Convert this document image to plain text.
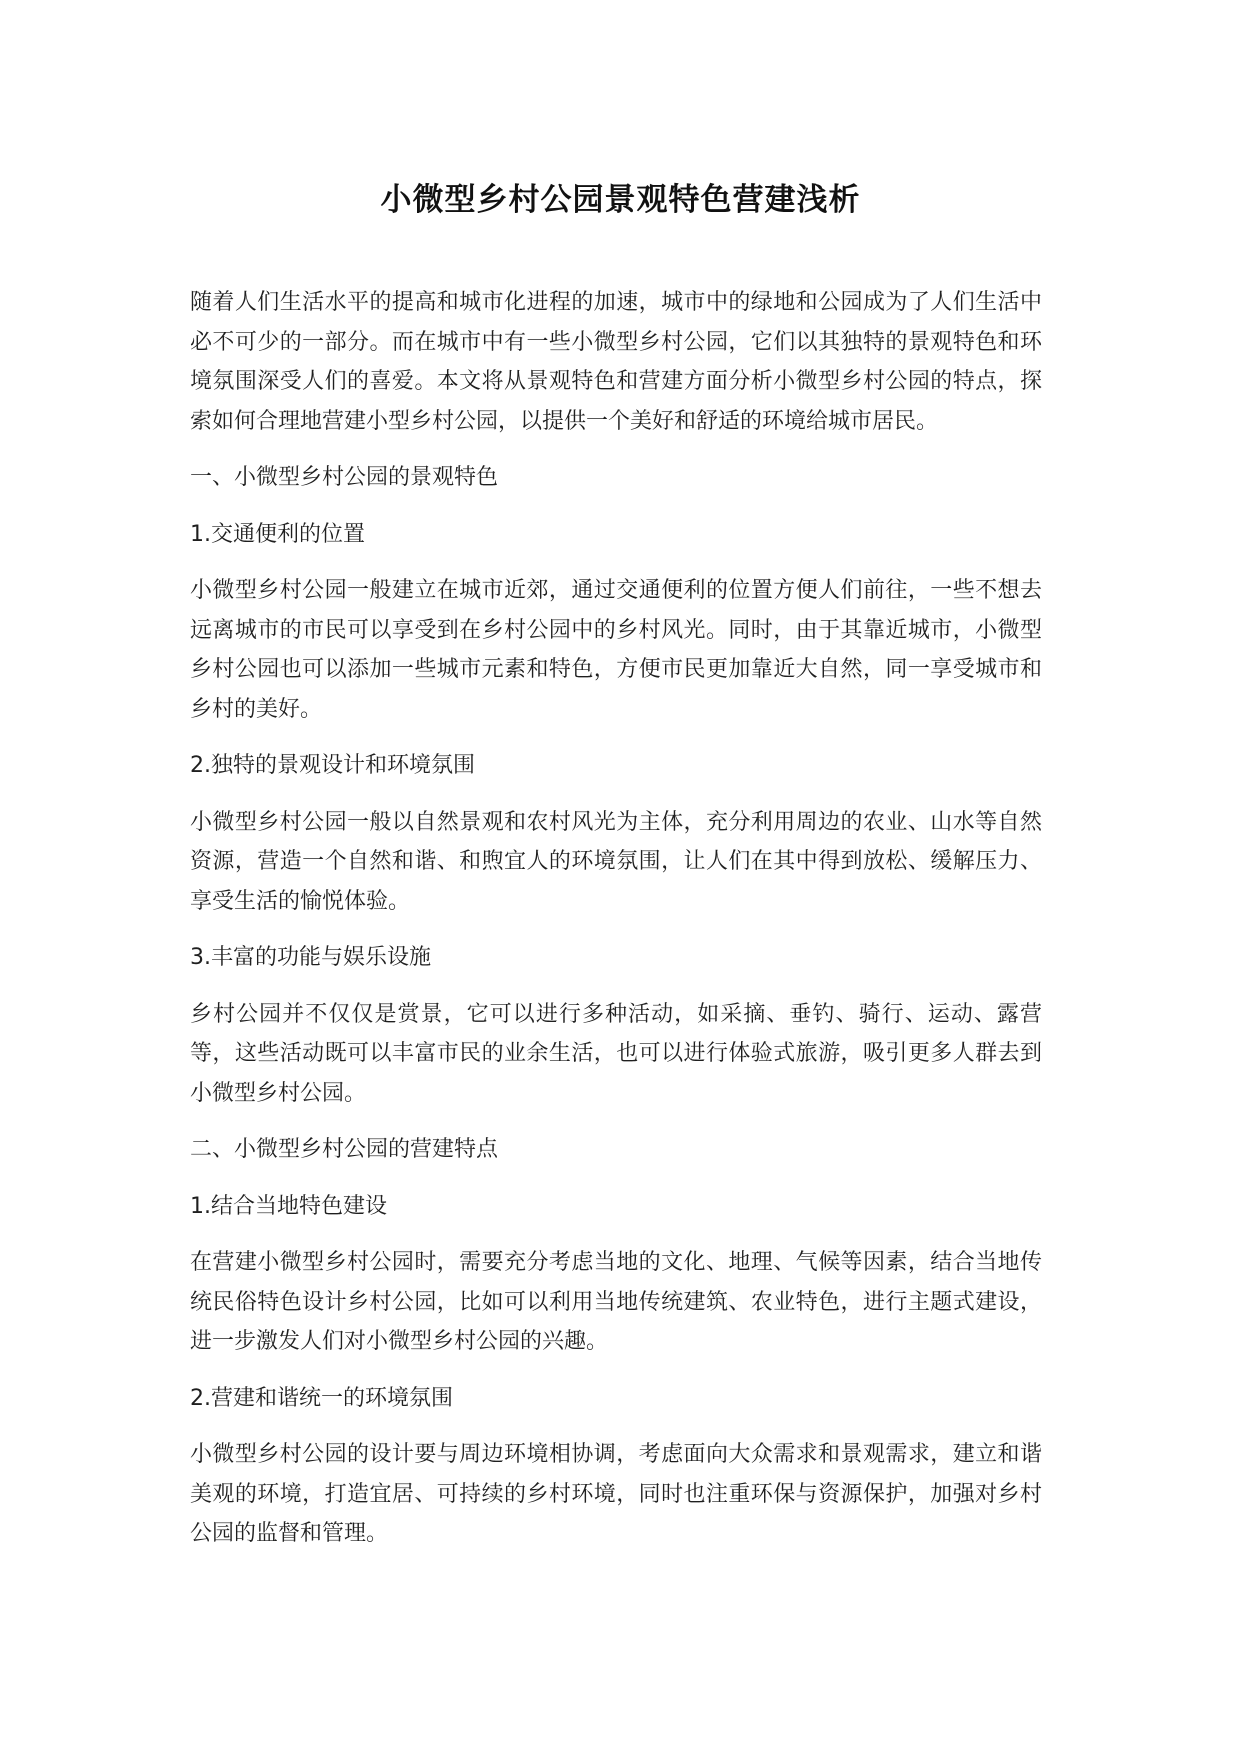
小微型乡村公园景观特色营建浅析

随着人们生活水平的提高和城市化进程的加速，城市中的绿地和公园成为了人们生活中必不可少的一部分。而在城市中有一些小微型乡村公园，它们以其独特的景观特色和环境氛围深受人们的喜爱。本文将从景观特色和营建方面分析小微型乡村公园的特点，探索如何合理地营建小型乡村公园，以提供一个美好和舒适的环境给城市居民。

一、小微型乡村公园的景观特色

1.交通便利的位置

小微型乡村公园一般建立在城市近郊，通过交通便利的位置方便人们前往，一些不想去远离城市的市民可以享受到在乡村公园中的乡村风光。同时，由于其靠近城市，小微型乡村公园也可以添加一些城市元素和特色，方便市民更加靠近大自然，同一享受城市和乡村的美好。

2.独特的景观设计和环境氛围

小微型乡村公园一般以自然景观和农村风光为主体，充分利用周边的农业、山水等自然资源，营造一个自然和谐、和煦宜人的环境氛围，让人们在其中得到放松、缓解压力、享受生活的愉悦体验。

3.丰富的功能与娱乐设施

乡村公园并不仅仅是赏景，它可以进行多种活动，如采摘、垂钓、骑行、运动、露营等，这些活动既可以丰富市民的业余生活，也可以进行体验式旅游，吸引更多人群去到小微型乡村公园。

二、小微型乡村公园的营建特点

1.结合当地特色建设

在营建小微型乡村公园时，需要充分考虑当地的文化、地理、气候等因素，结合当地传统民俗特色设计乡村公园，比如可以利用当地传统建筑、农业特色，进行主题式建设，进一步激发人们对小微型乡村公园的兴趣。

2.营建和谐统一的环境氛围

小微型乡村公园的设计要与周边环境相协调，考虑面向大众需求和景观需求，建立和谐美观的环境，打造宜居、可持续的乡村环境，同时也注重环保与资源保护，加强对乡村公园的监督和管理。
